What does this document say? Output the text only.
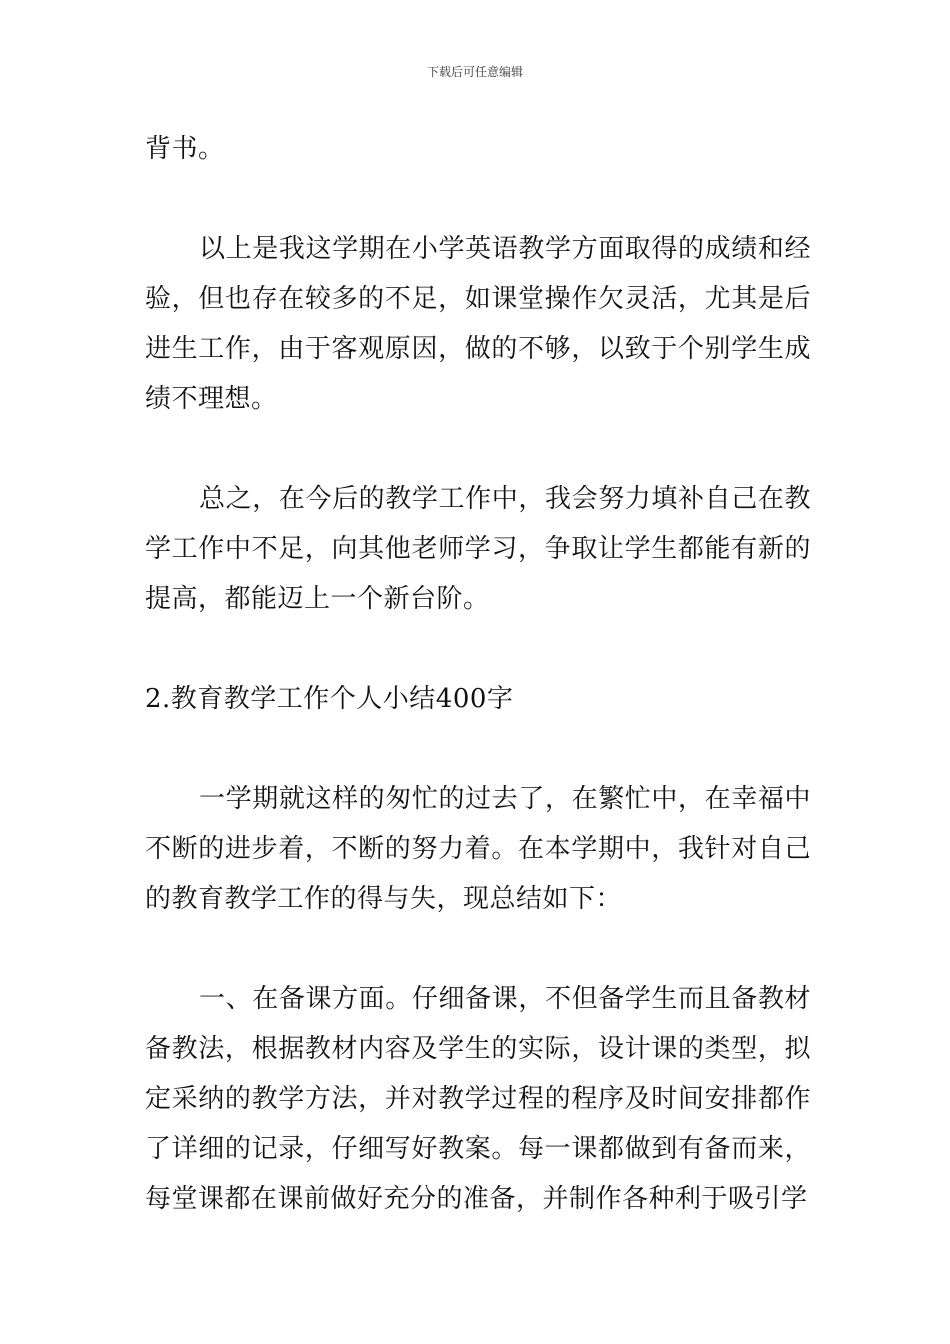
下载后可任意编辑

背书。

以上是我这学期在小学英语教学方面取得的成绩和经验，但也存在较多的不足，如课堂操作欠灵活，尤其是后进生工作，由于客观原因，做的不够，以致于个别学生成绩不理想。

总之，在今后的教学工作中，我会努力填补自己在教学工作中不足，向其他老师学习，争取让学生都能有新的提高，都能迈上一个新台阶。

2.教育教学工作个人小结400字

一学期就这样的匆忙的过去了，在繁忙中，在幸福中不断的进步着，不断的努力着。在本学期中，我针对自己的教育教学工作的得与失，现总结如下：

一、在备课方面。仔细备课，不但备学生而且备教材备教法，根据教材内容及学生的实际，设计课的类型，拟定采纳的教学方法，并对教学过程的程序及时间安排都作了详细的记录，仔细写好教案。每一课都做到有备而来，每堂课都在课前做好充分的准备，并制作各种利于吸引学
